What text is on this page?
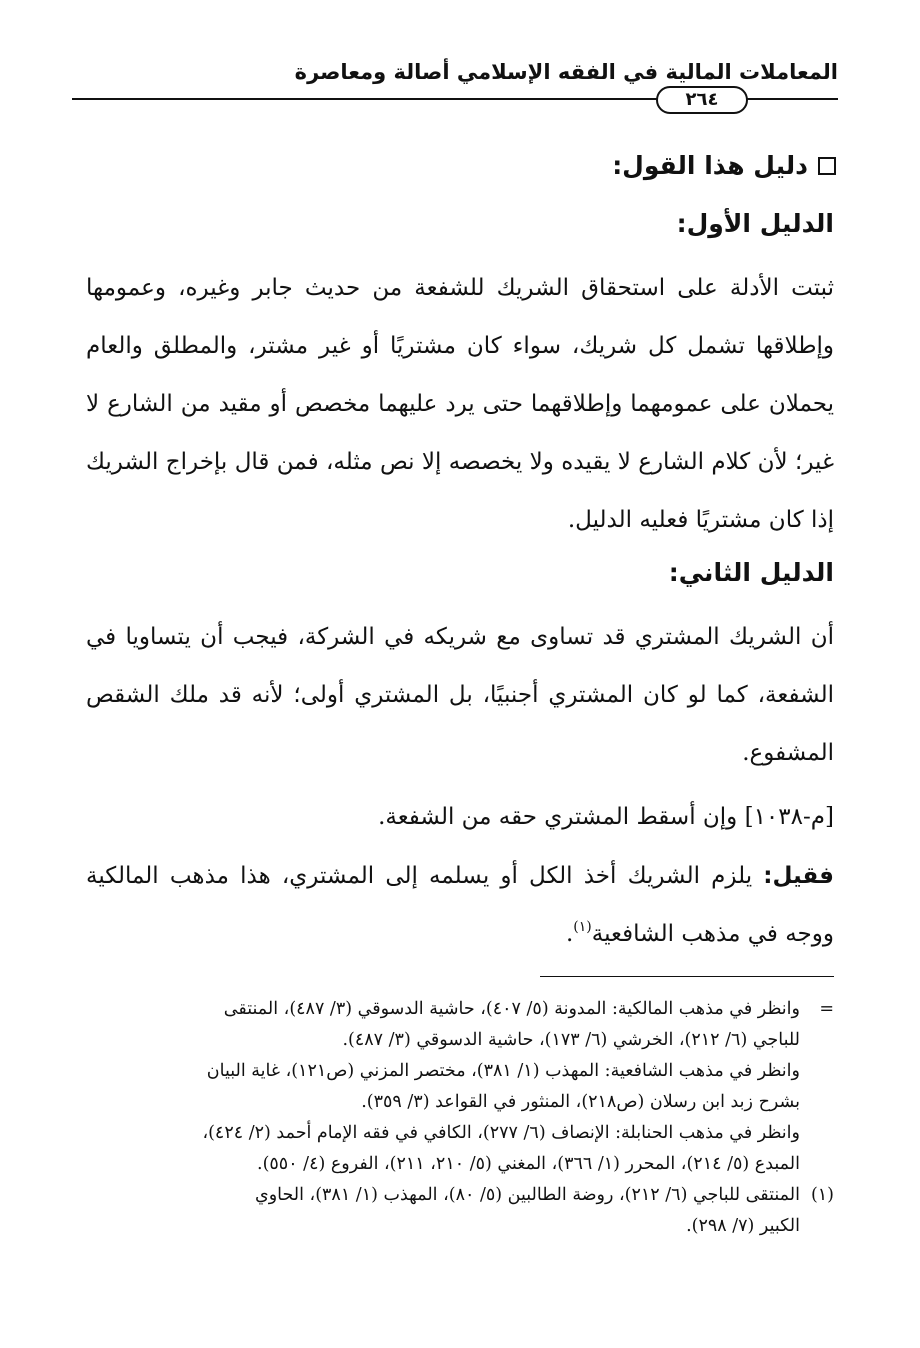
المعاملات المالية في الفقه الإسلامي أصالة ومعاصرة
٢٦٤
دليل هذا القول:
الدليل الأول:
ثبتت الأدلة على استحقاق الشريك للشفعة من حديث جابر وغيره، وعمومها وإطلاقها تشمل كل شريك، سواء كان مشتريًا أو غير مشتر، والمطلق والعام يحملان على عمومهما وإطلاقهما حتى يرد عليهما مخصص أو مقيد من الشارع لا غير؛ لأن كلام الشارع لا يقيده ولا يخصصه إلا نص مثله، فمن قال بإخراج الشريك إذا كان مشتريًا فعليه الدليل.
الدليل الثاني:
أن الشريك المشتري قد تساوى مع شريكه في الشركة، فيجب أن يتساويا في الشفعة، كما لو كان المشتري أجنبيًا، بل المشتري أولى؛ لأنه قد ملك الشقص المشفوع.
[م-١٠٣٨] وإن أسقط المشتري حقه من الشفعة.
فقيل: يلزم الشريك أخذ الكل أو يسلمه إلى المشتري، هذا مذهب المالكية ووجه في مذهب الشافعية$^{(١)}$.
=
وانظر في مذهب المالكية: المدونة (٥/ ٤٠٧)، حاشية الدسوقي (٣/ ٤٨٧)، المنتقى
للباجي (٦/ ٢١٢)، الخرشي (٦/ ١٧٣)، حاشية الدسوقي (٣/ ٤٨٧).
وانظر في مذهب الشافعية: المهذب (١/ ٣٨١)، مختصر المزني (ص١٢١)، غاية البيان
بشرح زبد ابن رسلان (ص٢١٨)، المنثور في القواعد (٣/ ٣٥٩).
وانظر في مذهب الحنابلة: الإنصاف (٦/ ٢٧٧)، الكافي في فقه الإمام أحمد (٢/ ٤٢٤)،
المبدع (٥/ ٢١٤)، المحرر (١/ ٣٦٦)، المغني (٥/ ٢١٠، ٢١١)، الفروع (٤/ ٥٥٠).
(١)
المنتقى للباجي (٦/ ٢١٢)، روضة الطالبين (٥/ ٨٠)، المهذب (١/ ٣٨١)، الحاوي
الكبير (٧/ ٢٩٨).
